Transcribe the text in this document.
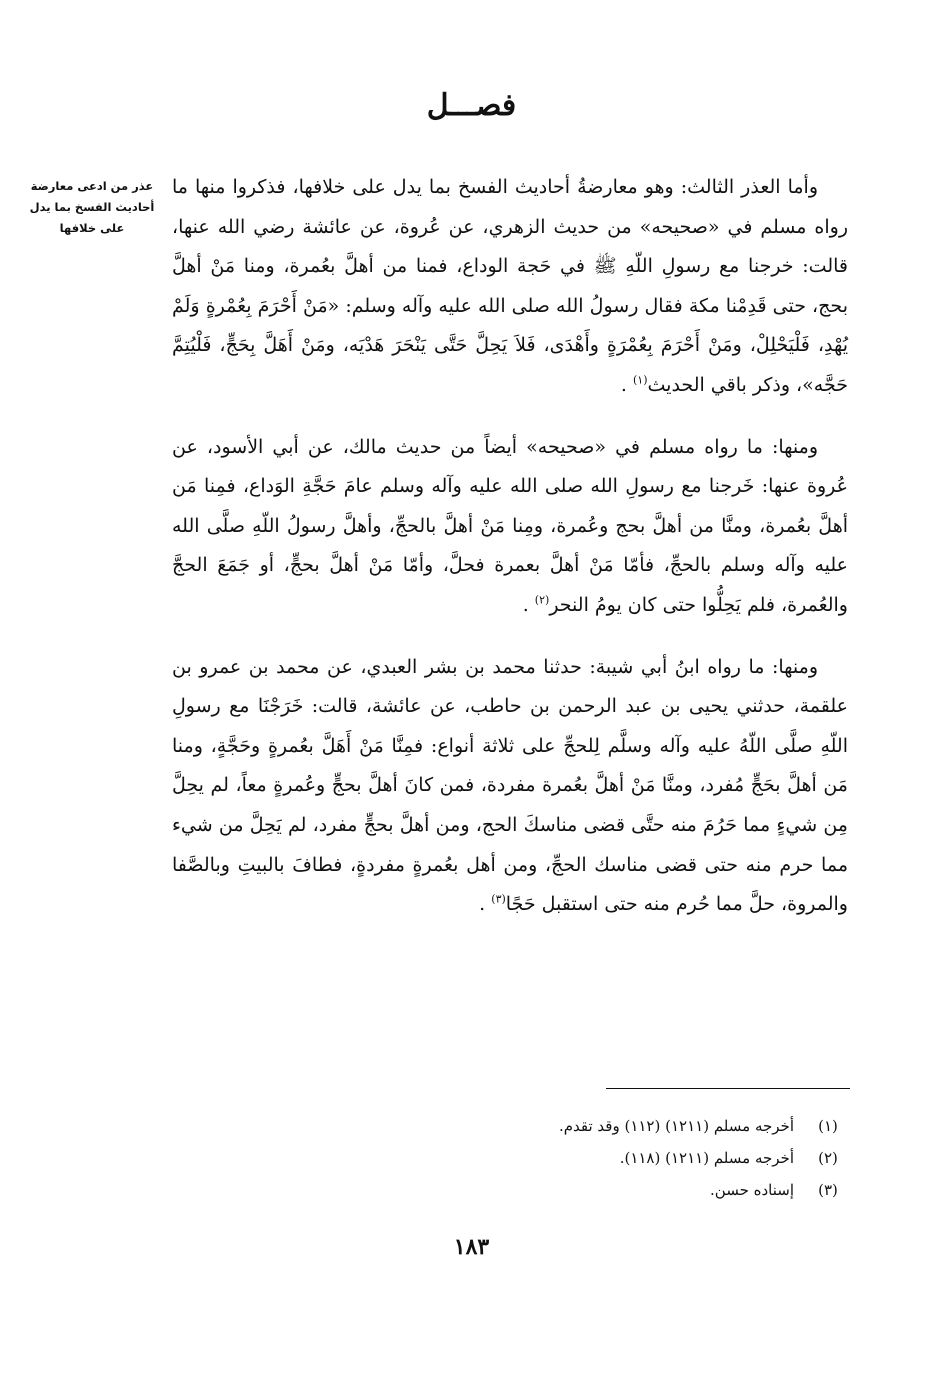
فصـــل
عذر من ادعى معارضة أحاديث الفسخ بما يدل على خلافها

وأما العذر الثالث: وهو معارضةُ أحاديث الفسخ بما يدل على خلافها، فذكروا منها ما رواه مسلم في «صحيحه» من حديث الزهري، عن عُروة، عن عائشة رضي الله عنها، قالت: خرجنا مع رسولِ اللّهِ ﷺ في حَجة الوداع، فمنا من أهلَّ بعُمرة، ومنا مَنْ أهلَّ بحج، حتى قَدِمْنا مكة فقال رسولُ الله صلى الله عليه وآله وسلم: «مَنْ أَحْرَمَ بِعُمْرةٍ وَلَمْ يُهْدِ، فَلْيَحْلِلْ، ومَنْ أَحْرَمَ بِعُمْرَةٍ وأَهْدَى، فَلاَ يَحِلَّ حَتَّى يَنْحَرَ هَدْيَه، ومَنْ أَهَلَّ بِحَجٍّ، فَلْيُتِمَّ حَجَّه»، وذكر باقي الحديث$^{(١)}$ .

ومنها: ما رواه مسلم في «صحيحه» أيضاً من حديث مالك، عن أبي الأسود، عن عُروة عنها: خَرجنا مع رسولِ الله صلى الله عليه وآله وسلم عامَ حَجَّةِ الوَداع، فمِنا مَن أهلَّ بعُمرة، ومنَّا من أهلَّ بحج وعُمرة، ومِنا مَنْ أهلَّ بالحجِّ، وأهلَّ رسولُ اللّهِ صلَّى الله عليه وآله وسلم بالحجِّ، فأمّا مَنْ أهلَّ بعمرة فحلَّ، وأمّا مَنْ أهلَّ بحجٍّ، أو جَمَعَ الحجَّ والعُمرة، فلم يَحِلُّوا حتى كان يومُ النحر$^{(٢)}$ .

ومنها: ما رواه ابنُ أبي شيبة: حدثنا محمد بن بشر العبدي، عن محمد بن عمرو بن علقمة، حدثني يحيى بن عبد الرحمن بن حاطب، عن عائشة، قالت: خَرَجْنَا مع رسولِ اللّهِ صلَّى اللّهُ عليه وآله وسلَّم لِلحجِّ على ثلاثة أنواع: فمِنَّا مَنْ أَهَلَّ بعُمرةٍ وحَجَّةٍ، ومنا مَن أهلَّ بحَجٍّ مُفرد، ومنَّا مَنْ أهلَّ بعُمرة مفردة، فمن كانَ أهلَّ بحجٍّ وعُمرةٍ معاً، لم يحِلَّ مِن شيءٍ مما حَرُمَ منه حتَّى قضى مناسكَ الحج، ومن أهلَّ بحجٍّ مفرد، لم يَحِلَّ من شيء مما حرم منه حتى قضى مناسك الحجِّ، ومن أهل بعُمرةٍ مفردةٍ، فطافَ بالبيتِ وبالصَّفا والمروة، حلَّ مما حُرم منه حتى استقبل حَجًا$^{(٣)}$ .

(١)أخرجه مسلم (١٢١١) (١١٢) وقد تقدم.
(٢)أخرجه مسلم (١٢١١) (١١٨).
(٣)إسناده حسن.
١٨٣
